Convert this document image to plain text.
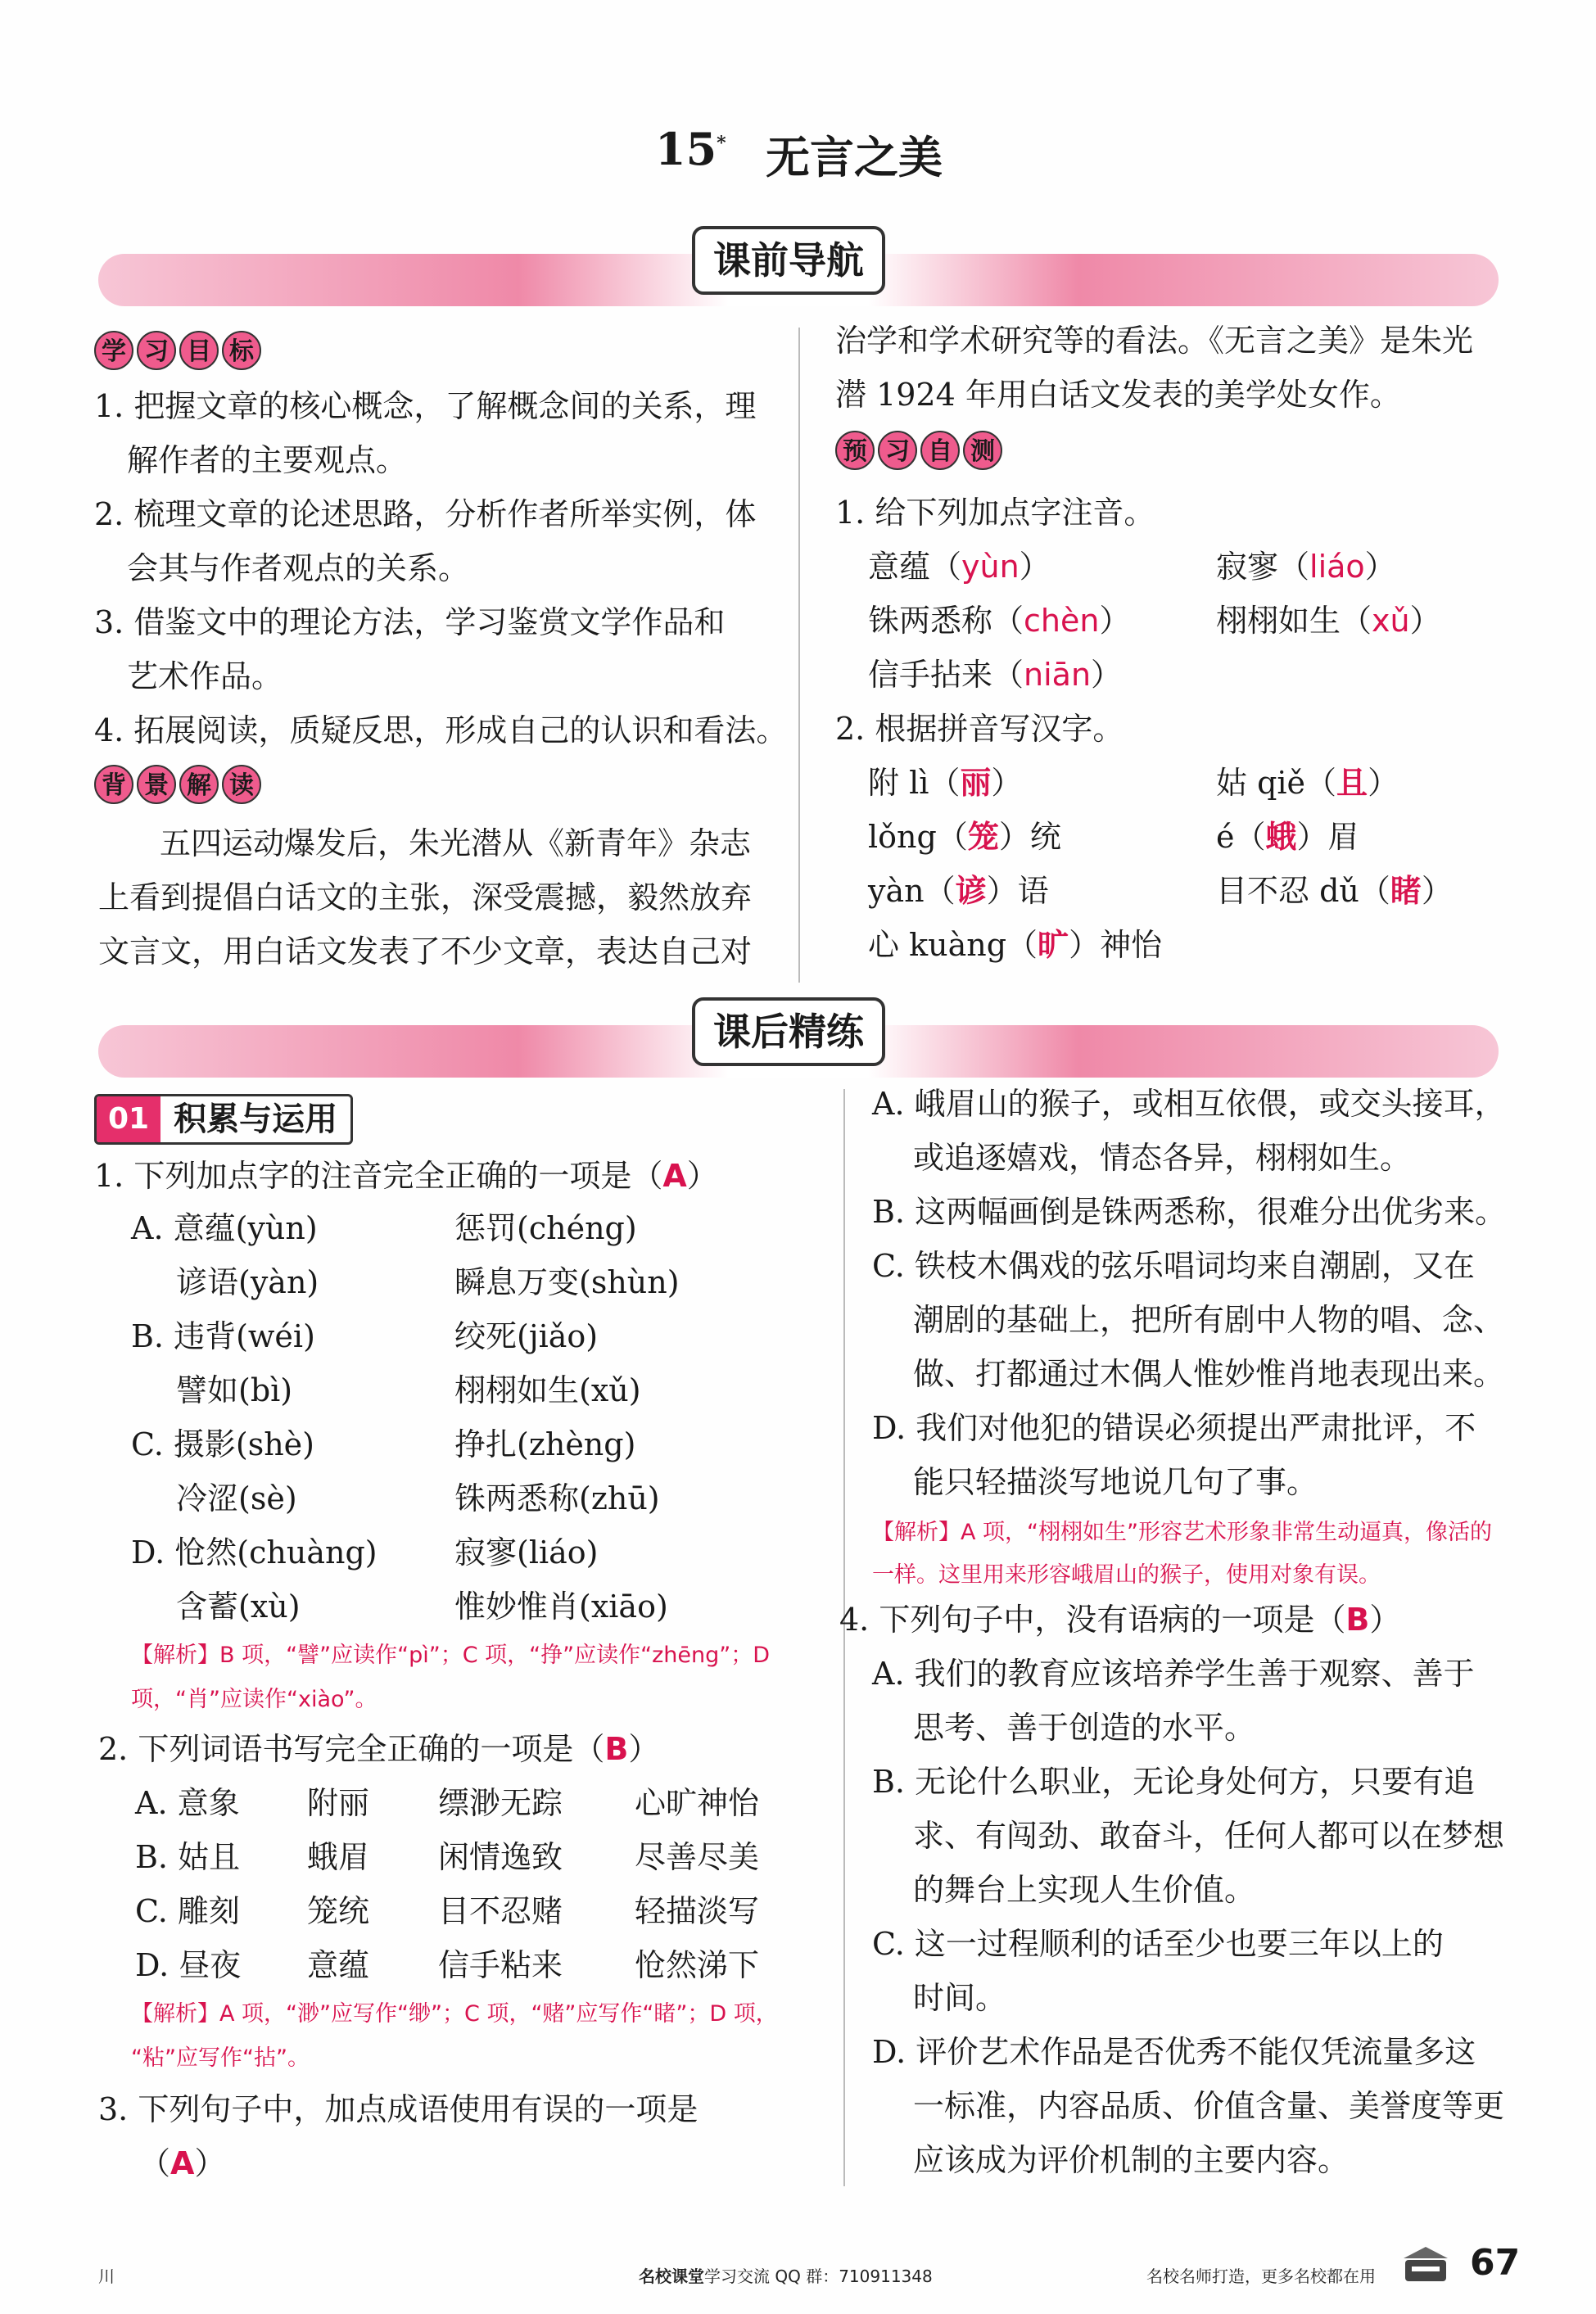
15* 无言之美
课前导航
学 习 目 标
1. 把握文章的核心概念，了解概念间的关系，理
解作者的主要观点。
2. 梳理文章的论述思路，分析作者所举实例，体
会其与作者观点的关系。
3. 借鉴文中的理论方法，学习鉴赏文学作品和
艺术作品。
4. 拓展阅读，质疑反思，形成自己的认识和看法。
背 景 解 读
五四运动爆发后，朱光潜从《新青年》杂志
上看到提倡白话文的主张，深受震撼，毅然放弃
文言文，用白话文发表了不少文章，表达自己对
治学和学术研究等的看法。《无言之美》是朱光
潜 1924 年用白话文发表的美学处女作。
预 习 自 测
1. 给下列加点字注音。
意蕴（yùn）	寂寥（liáo）
铢两悉称（chèn）	栩栩如生（xǔ）
信手拈来（niān）
2. 根据拼音写汉字。
附 lì（丽）	姑 qiě（且）
lǒng（笼）统	é（蛾）眉
yàn（谚）语	目不忍 dǔ（睹）
心 kuàng（旷）神怡
课后精练
01 积累与运用
1. 下列加点字的注音完全正确的一项是（A）
A. 意蕴(yùn)	惩罚(chéng)
谚语(yàn)	瞬息万变(shùn)
B. 违背(wéi)	绞死(jiǎo)
譬如(bì)	栩栩如生(xǔ)
C. 摄影(shè)	挣扎(zhèng)
冷涩(sè)	铢两悉称(zhū)
D. 怆然(chuàng) 寂寥(liáo)
含蓄(xù)	惟妙惟肖(xiāo)
【解析】B 项，“譬”应读作“pì”；C 项，“挣”应读作“zhēng”；D
项，“肖”应读作“xiào”。
2. 下列词语书写完全正确的一项是（B）
A. 意象 附丽 缥渺无踪 心旷神怡
B. 姑且 蛾眉 闲情逸致 尽善尽美
C. 雕刻 笼统 目不忍赌 轻描淡写
D. 昼夜 意蕴 信手粘来 怆然涕下
【解析】A 项，“渺”应写作“缈”；C 项，“赌”应写作“睹”；D 项，
“粘”应写作“拈”。
3. 下列句子中，加点成语使用有误的一项是
（A）
A. 峨眉山的猴子，或相互依偎，或交头接耳，
或追逐嬉戏，情态各异，栩栩如生。
B. 这两幅画倒是铢两悉称，很难分出优劣来。
C. 铁枝木偶戏的弦乐唱词均来自潮剧，又在
潮剧的基础上，把所有剧中人物的唱、念、
做、打都通过木偶人惟妙惟肖地表现出来。
D. 我们对他犯的错误必须提出严肃批评，不
能只轻描淡写地说几句了事。
【解析】A 项，“栩栩如生”形容艺术形象非常生动逼真，像活的
一样。这里用来形容峨眉山的猴子，使用对象有误。
4. 下列句子中，没有语病的一项是（B）
A. 我们的教育应该培养学生善于观察、善于
思考、善于创造的水平。
B. 无论什么职业，无论身处何方，只要有追
求、有闯劲、敢奋斗，任何人都可以在梦想
的舞台上实现人生价值。
C. 这一过程顺利的话至少也要三年以上的
时间。
D. 评价艺术作品是否优秀不能仅凭流量多这
一标准，内容品质、价值含量、美誉度等更
应该成为评价机制的主要内容。
川	名校课堂学习交流 QQ 群：710911348	名校名师打造，更多名校都在用	67
